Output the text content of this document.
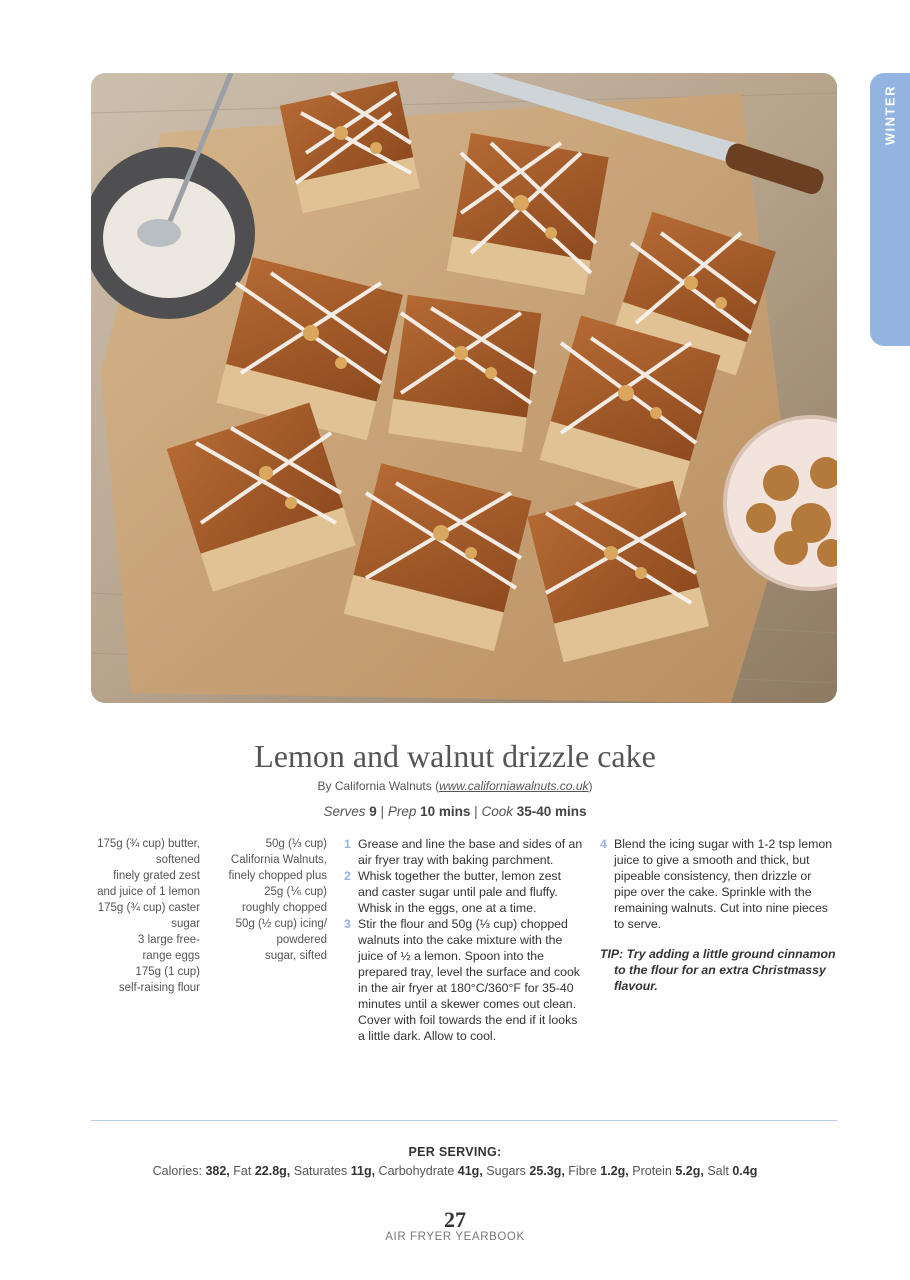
WINTER
Lemon and walnut drizzle cake
By California Walnuts (www.californiawalnuts.co.uk)
Serves 9 | Prep 10 mins | Cook 35-40 mins
175g (¾ cup) butter,
softened
finely grated zest
and juice of 1 lemon
175g (¾ cup) caster
sugar
3 large free-
range eggs
175g (1 cup)
self-raising flour
50g (⅓ cup)
California Walnuts,
finely chopped plus
25g (⅙ cup)
roughly chopped
50g (½ cup) icing/
powdered
sugar, sifted
1 Grease and line the base and sides of an air fryer tray with baking parchment.
2 Whisk together the butter, lemon zest and caster sugar until pale and fluffy. Whisk in the eggs, one at a time.
3 Stir the flour and 50g (⅓ cup) chopped walnuts into the cake mixture with the juice of ½ a lemon. Spoon into the prepared tray, level the surface and cook in the air fryer at 180°C/360°F for 35-40 minutes until a skewer comes out clean. Cover with foil towards the end if it looks a little dark. Allow to cool.
4 Blend the icing sugar with 1-2 tsp lemon juice to give a smooth and thick, but pipeable consistency, then drizzle or pipe over the cake. Sprinkle with the remaining walnuts. Cut into nine pieces to serve.
TIP: Try adding a little ground cinnamon to the flour for an extra Christmassy flavour.
PER SERVING:
Calories: 382, Fat 22.8g, Saturates 11g, Carbohydrate 41g, Sugars 25.3g, Fibre 1.2g, Protein 5.2g, Salt 0.4g
27
AIR FRYER YEARBOOK
